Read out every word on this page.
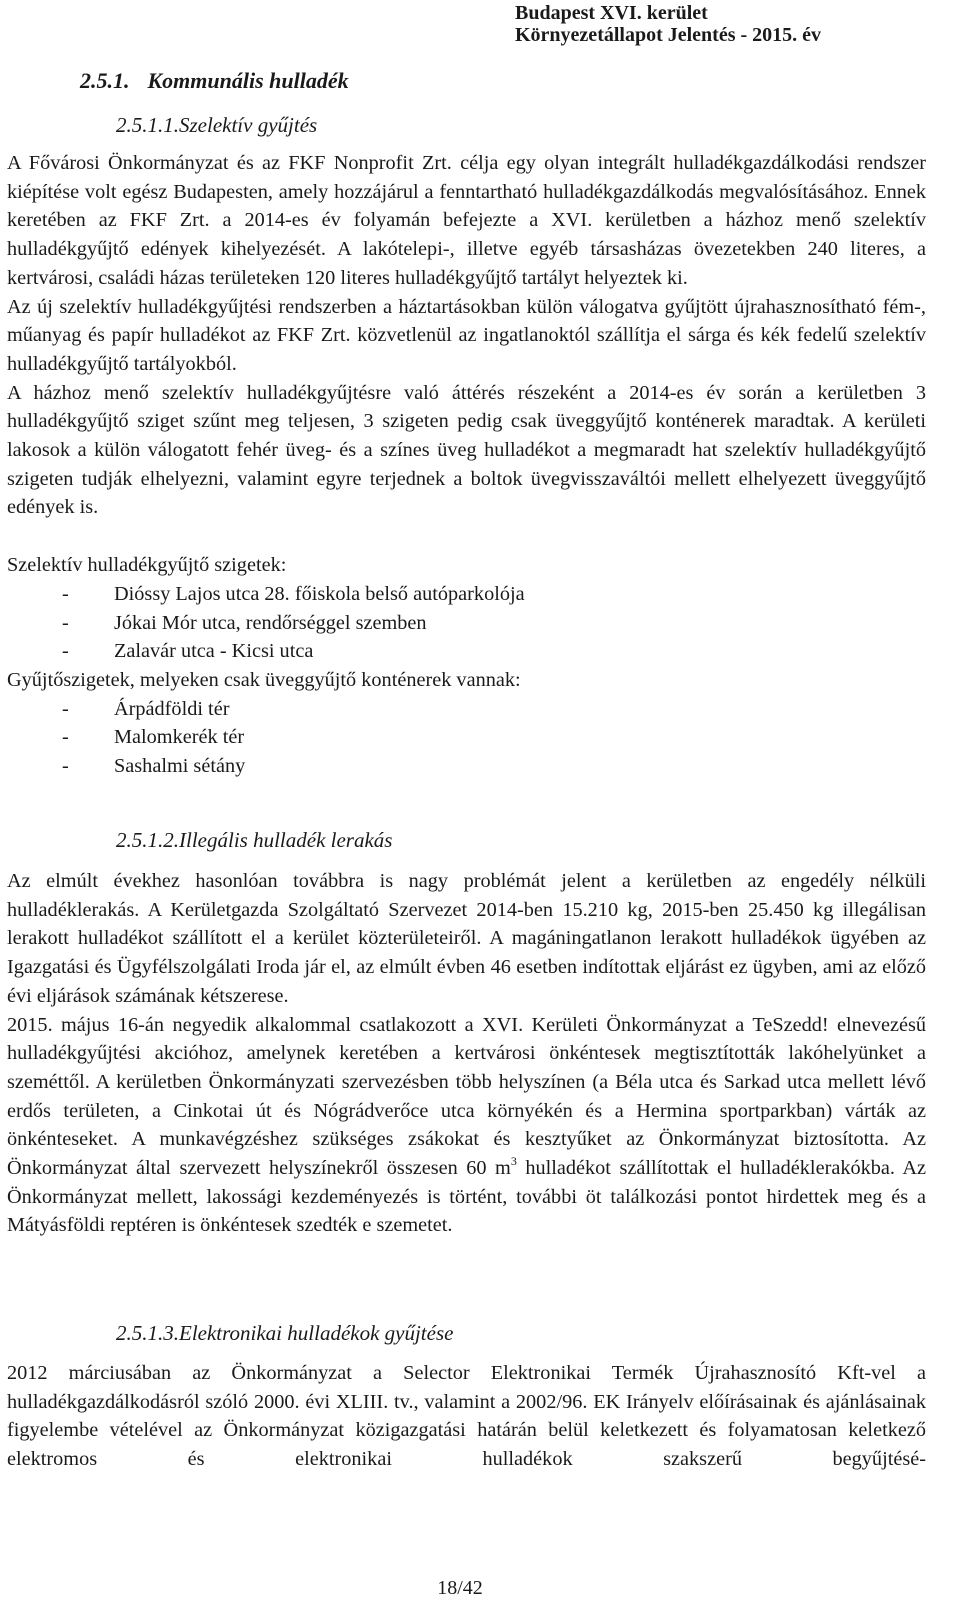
Budapest XVI. kerület
Környezetállapot Jelentés - 2015. év
2.5.1. Kommunális hulladék
2.5.1.1.Szelektív gyűjtés
A Fővárosi Önkormányzat és az FKF Nonprofit Zrt. célja egy olyan integrált hulladékgazdálkodási rendszer kiépítése volt egész Budapesten, amely hozzájárul a fenntartható hulladékgazdálkodás megvalósításához. Ennek keretében az FKF Zrt. a 2014-es év folyamán befejezte a XVI. kerületben a házhoz menő szelektív hulladékgyűjtő edények kihelyezését. A lakótelepi-, illetve egyéb társasházas övezetekben 240 literes, a kertvárosi, családi házas területeken 120 literes hulladékgyűjtő tartályt helyeztek ki.
Az új szelektív hulladékgyűjtési rendszerben a háztartásokban külön válogatva gyűjtött újrahasznosítható fém-, műanyag és papír hulladékot az FKF Zrt. közvetlenül az ingatlanoktól szállítja el sárga és kék fedelű szelektív hulladékgyűjtő tartályokból.
A házhoz menő szelektív hulladékgyűjtésre való áttérés részeként a 2014-es év során a kerületben 3 hulladékgyűjtő sziget szűnt meg teljesen, 3 szigeten pedig csak üveggyűjtő konténerek maradtak. A kerületi lakosok a külön válogatott fehér üveg- és a színes üveg hulladékot a megmaradt hat szelektív hulladékgyűjtő szigeten tudják elhelyezni, valamint egyre terjednek a boltok üvegvisszaváltói mellett elhelyezett üveggyűjtő edények is.
Szelektív hulladékgyűjtő szigetek:
- Dióssy Lajos utca 28. főiskola belső autóparkolója
- Jókai Mór utca, rendőrséggel szemben
- Zalavár utca - Kicsi utca
Gyűjtőszigetek, melyeken csak üveggyűjtő konténerek vannak:
- Árpádföldi tér
- Malomkerék tér
- Sashalmi sétány
2.5.1.2.Illegális hulladék lerakás
Az elmúlt évekhez hasonlóan továbbra is nagy problémát jelent a kerületben az engedély nélküli hulladéklerakás. A Kerületgazda Szolgáltató Szervezet 2014-ben 15.210 kg, 2015-ben 25.450 kg illegálisan lerakott hulladékot szállított el a kerület közterületeiről. A magáningatlanon lerakott hulladékok ügyében az Igazgatási és Ügyfélszolgálati Iroda jár el, az elmúlt évben 46 esetben indítottak eljárást ez ügyben, ami az előző évi eljárások számának kétszerese.
2015. május 16-án negyedik alkalommal csatlakozott a XVI. Kerületi Önkormányzat a TeSzedd! elnevezésű hulladékgyűjtési akcióhoz, amelynek keretében a kertvárosi önkéntesek megtisztították lakóhelyünket a szeméttől. A kerületben Önkormányzati szervezésben több helyszínen (a Béla utca és Sarkad utca mellett lévő erdős területen, a Cinkotai út és Nógrádverőce utca környékén és a Hermina sportparkban) várták az önkénteseket. A munkavégzéshez szükséges zsákokat és kesztyűket az Önkormányzat biztosította. Az Önkormányzat által szervezett helyszínekről összesen 60 $m^3$ hulladékot szállítottak el hulladéklerakókba. Az Önkormányzat mellett, lakossági kezdeményezés is történt, további öt találkozási pontot hirdettek meg és a Mátyásföldi reptéren is önkéntesek szedték e szemetet.
2.5.1.3.Elektronikai hulladékok gyűjtése
2012 márciusában az Önkormányzat a Selector Elektronikai Termék Újrahasznosító Kft-vel a hulladékgazdálkodásról szóló 2000. évi XLIII. tv., valamint a 2002/96. EK Irányelv előírásainak és ajánlásainak figyelembe vételével az Önkormányzat közigazgatási határán belül keletkezett és folyamatosan keletkező elektromos és elektronikai hulladékok szakszerű begyűjtésé-
18/42
